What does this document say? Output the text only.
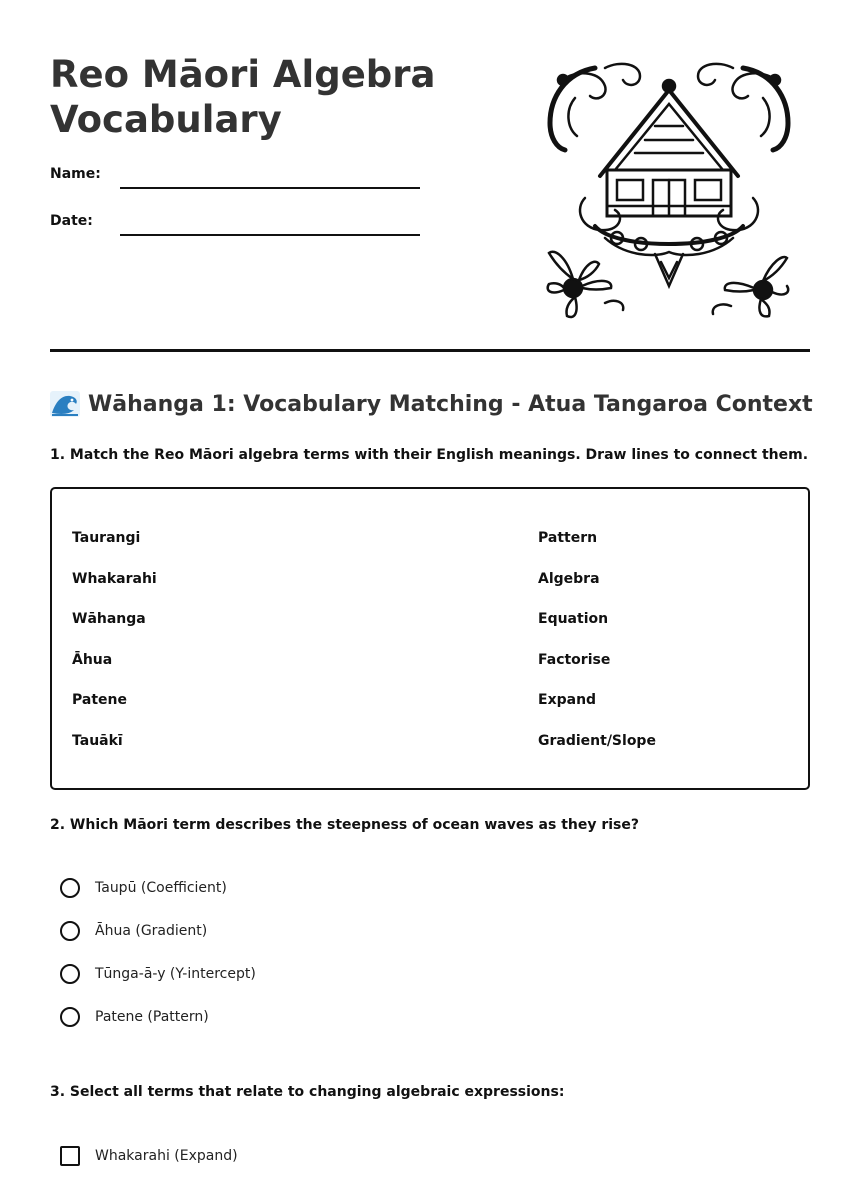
Reo Māori Algebra
Vocabulary
Name:
Date:
Wāhanga 1: Vocabulary Matching - Atua Tangaroa Context
1. Match the Reo Māori algebra terms with their English meanings. Draw lines to connect them.
Taurangi
Whakarahi
Wāhanga
Āhua
Patene
Tauākī
Pattern
Algebra
Equation
Factorise
Expand
Gradient/Slope
2. Which Māori term describes the steepness of ocean waves as they rise?
Taupū (Coefficient)
Āhua (Gradient)
Tūnga-ā-y (Y-intercept)
Patene (Pattern)
3. Select all terms that relate to changing algebraic expressions:
Whakarahi (Expand)
